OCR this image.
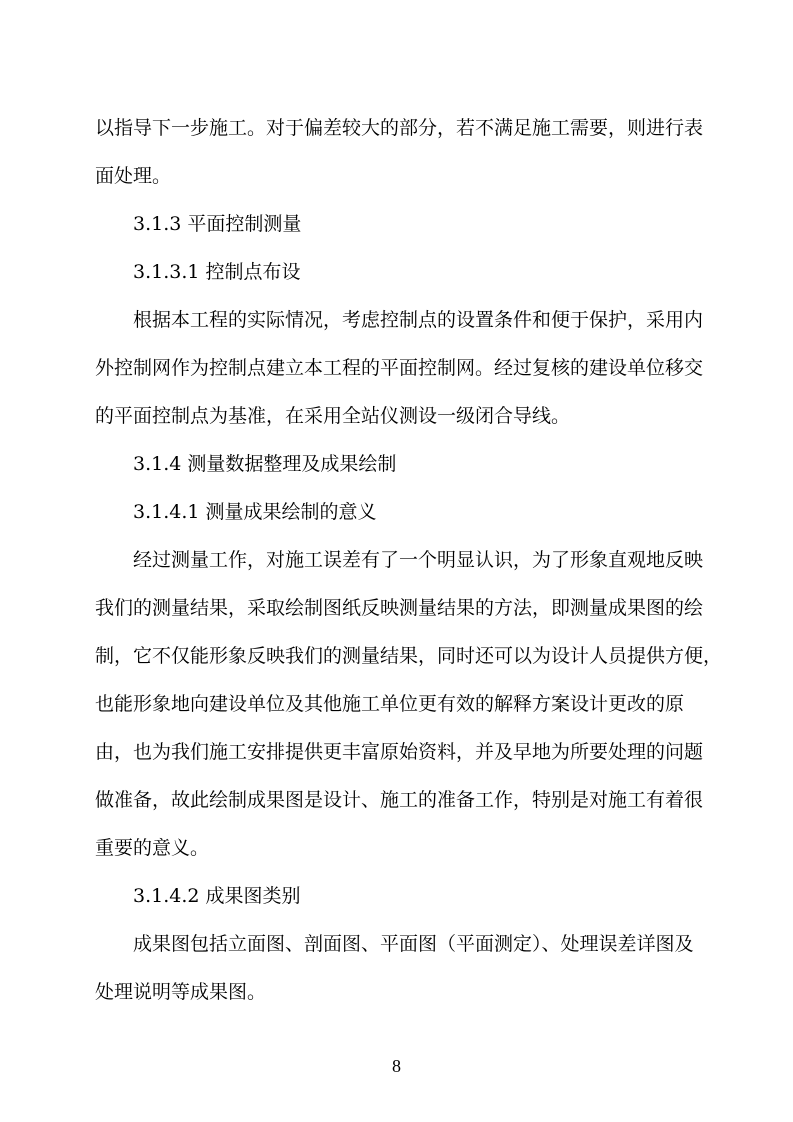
以指导下一步施工。对于偏差较大的部分，若不满足施工需要，则进行表
面处理。
3.1.3 平面控制测量
3.1.3.1 控制点布设
根据本工程的实际情况，考虑控制点的设置条件和便于保护，采用内
外控制网作为控制点建立本工程的平面控制网。经过复核的建设单位移交
的平面控制点为基准，在采用全站仪测设一级闭合导线。
3.1.4 测量数据整理及成果绘制
3.1.4.1 测量成果绘制的意义
经过测量工作，对施工误差有了一个明显认识，为了形象直观地反映
我们的测量结果，采取绘制图纸反映测量结果的方法，即测量成果图的绘
制，它不仅能形象反映我们的测量结果，同时还可以为设计人员提供方便，
也能形象地向建设单位及其他施工单位更有效的解释方案设计更改的原
由，也为我们施工安排提供更丰富原始资料，并及早地为所要处理的问题
做准备，故此绘制成果图是设计、施工的准备工作，特别是对施工有着很
重要的意义。
3.1.4.2 成果图类别
成果图包括立面图、剖面图、平面图（平面测定）、处理误差详图及
处理说明等成果图。
8
